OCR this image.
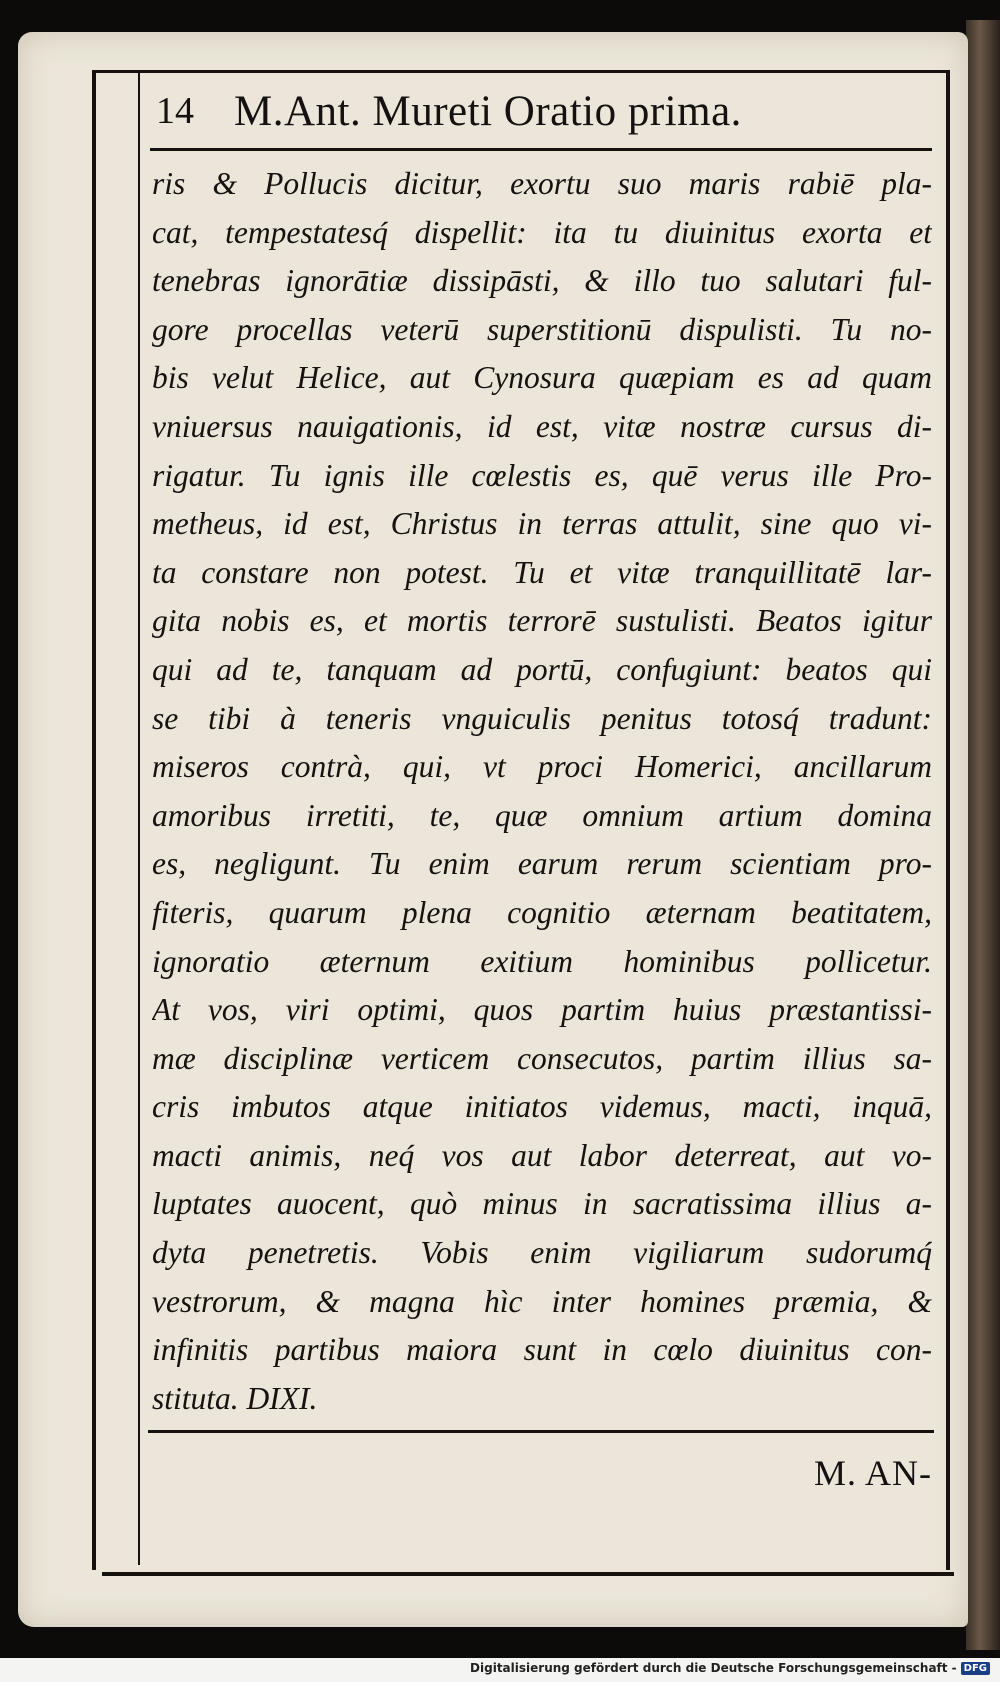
14 M.Ant. Mureti Oratio prima.
ris & Pollucis dicitur, exortu suo maris rabiē pla-
cat, tempestatesq́ dispellit: ita tu diuinitus exorta et
tenebras ignorātiæ dissipāsti, & illo tuo salutari ful-
gore procellas veterū superstitionū dispulisti. Tu no-
bis velut Helice, aut Cynosura quæpiam es ad quam
vniuersus nauigationis, id est, vitæ nostræ cursus di-
rigatur. Tu ignis ille cœlestis es, quē verus ille Pro-
metheus, id est, Christus in terras attulit, sine quo vi-
ta constare non potest. Tu et vitæ tranquillitatē lar-
gita nobis es, et mortis terrorē sustulisti. Beatos igitur
qui ad te, tanquam ad portū, confugiunt: beatos qui
se tibi à teneris vnguiculis penitus totosq́ tradunt:
miseros contrà, qui, vt proci Homerici, ancillarum
amoribus irretiti, te, quæ omnium artium domina
es, negligunt. Tu enim earum rerum scientiam pro-
fiteris, quarum plena cognitio æternam beatitatem,
ignoratio æternum exitium hominibus pollicetur.
At vos, viri optimi, quos partim huius præstantissi-
mæ disciplinæ verticem consecutos, partim illius sa-
cris imbutos atque initiatos videmus, macti, inquā,
macti animis, neq́ vos aut labor deterreat, aut vo-
luptates auocent, quò minus in sacratissima illius a-
dyta penetretis. Vobis enim vigiliarum sudorumq́
vestrorum, & magna hìc inter homines præmia, &
infinitis partibus maiora sunt in cœlo diuinitus con-
stituta. DIXI.
M. AN-
Digitalisierung gefördert durch die Deutsche Forschungsgemeinschaft - DFG
